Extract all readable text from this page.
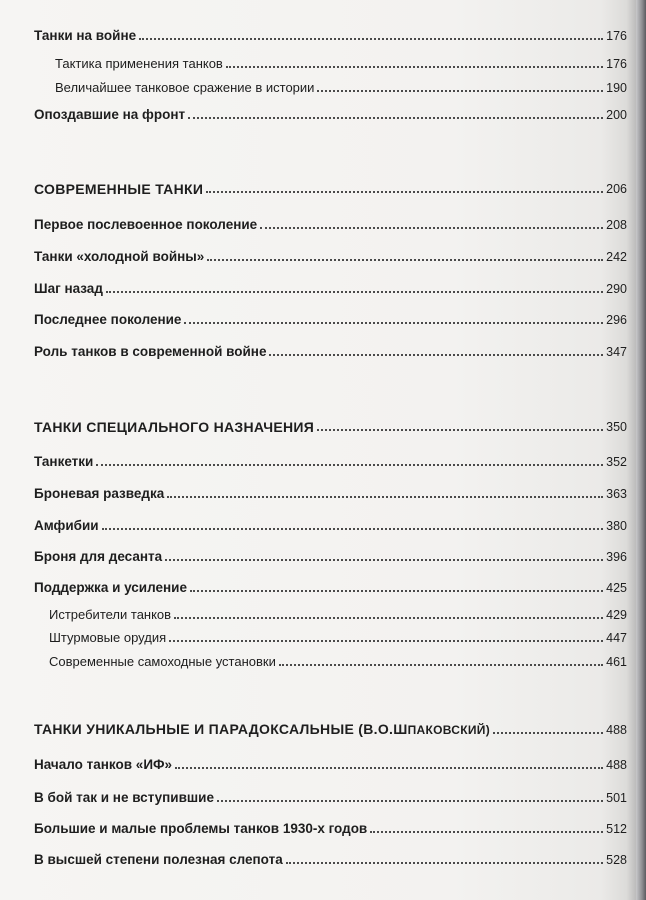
Танки на войне	176
Тактика применения танков	176
Величайшее танковое сражение в истории	190
Опоздавшие на фронт	200
СОВРЕМЕННЫЕ ТАНКИ	206
Первое послевоенное поколение	208
Танки «холодной войны»	242
Шаг назад	290
Последнее поколение	296
Роль танков в современной войне	347
ТАНКИ СПЕЦИАЛЬНОГО НАЗНАЧЕНИЯ	350
Танкетки	352
Броневая разведка	363
Амфибии	380
Броня для десанта	396
Поддержка и усиление	425
Истребители танков	429
Штурмовые орудия	447
Современные самоходные установки	461
ТАНКИ УНИКАЛЬНЫЕ И ПАРАДОКСАЛЬНЫЕ (В.О.ШПАКОВСКИЙ)	488
Начало танков «ИФ»	488
В бой так и не вступившие	501
Большие и малые проблемы танков 1930-х годов	512
В высшей степени полезная слепота	528
